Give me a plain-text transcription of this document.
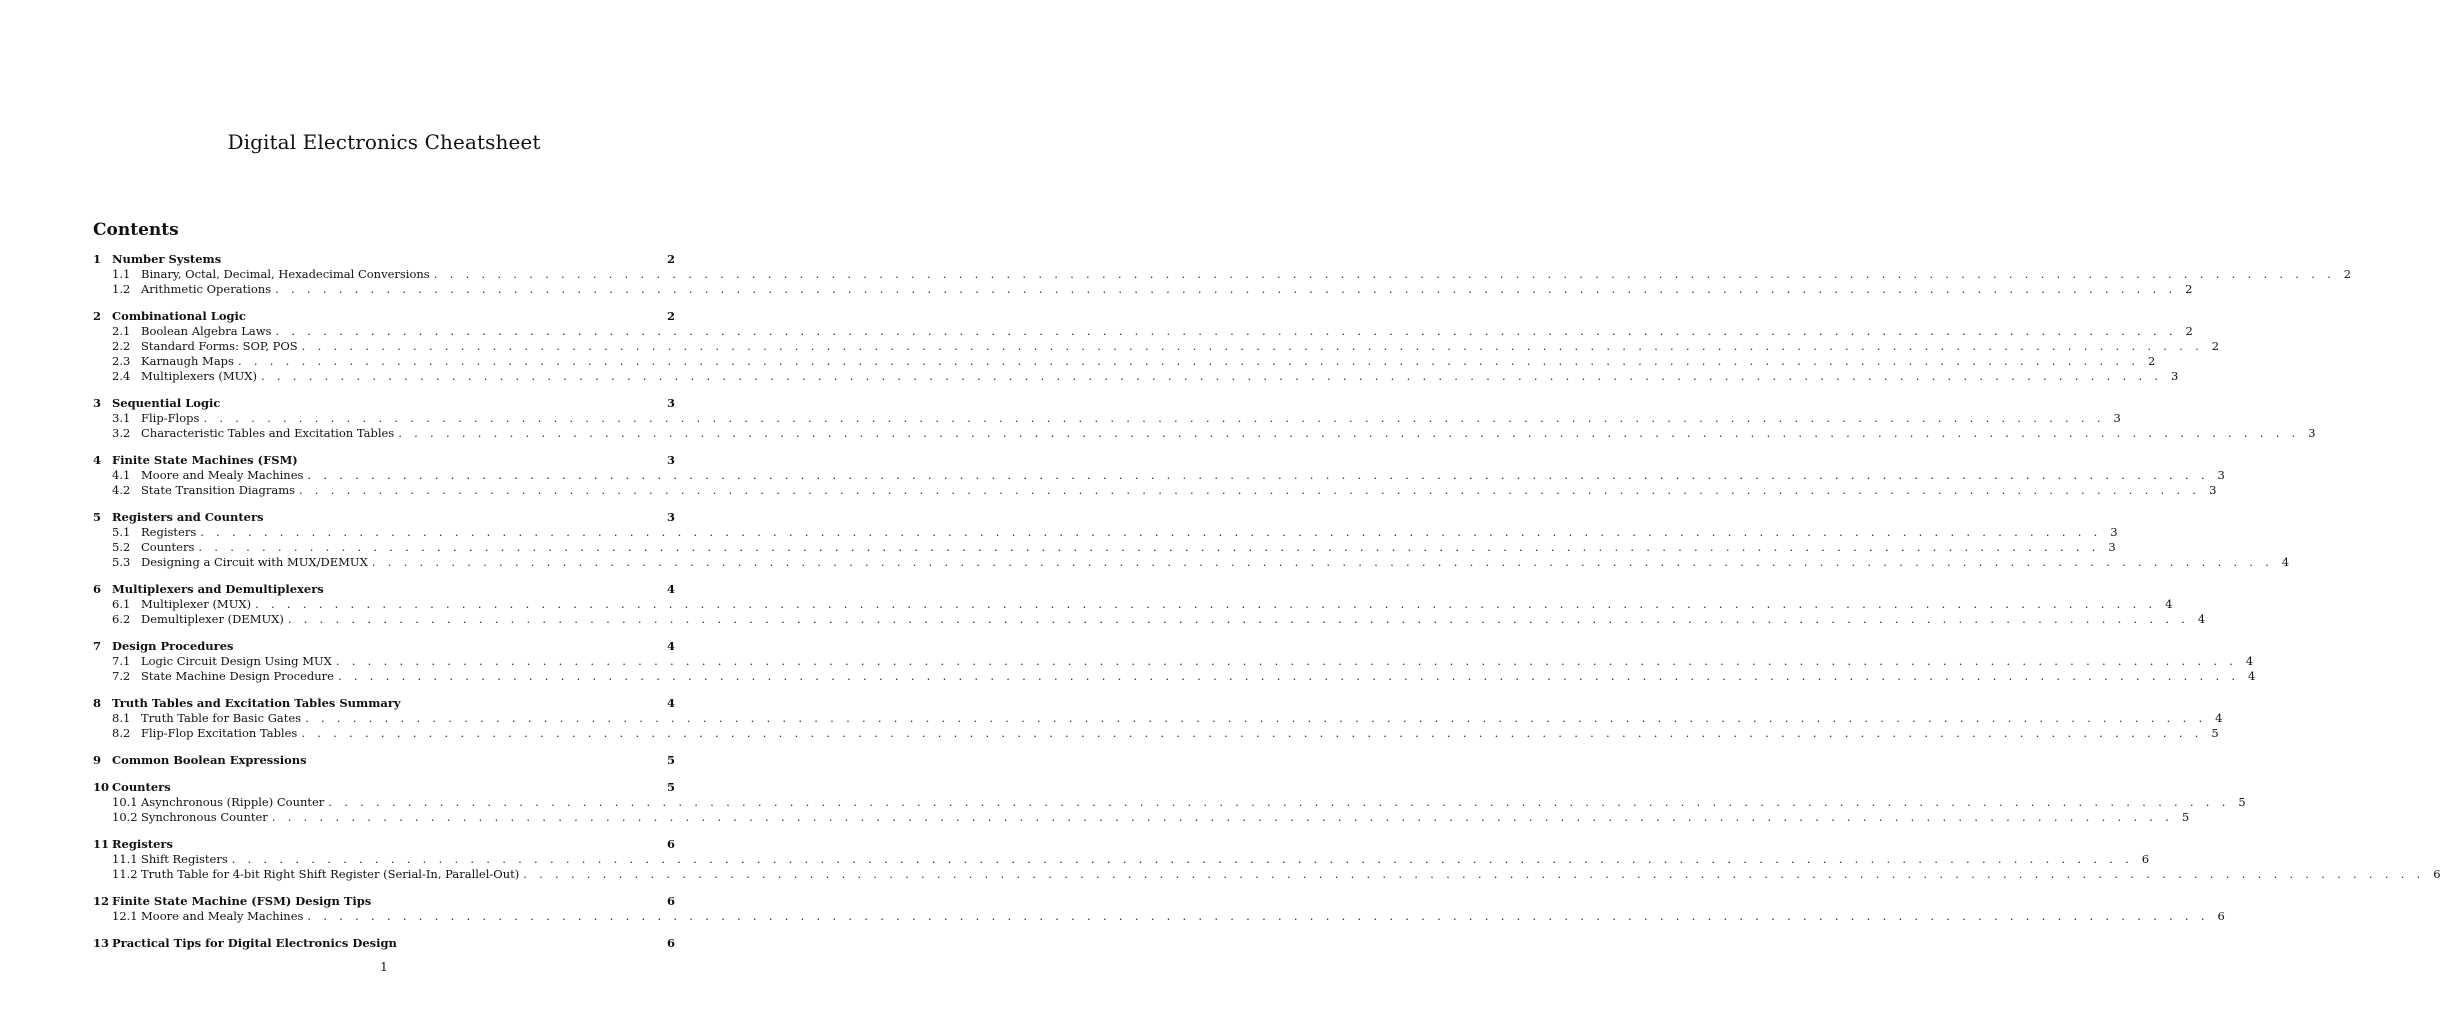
Digital Electronics Cheatsheet
Contents
1 Number Systems	2
1.1 Binary, Octal, Decimal, Hexadecimal Conversions . . . . . . . . . . . . . . . . . . . . . . . . . . . . . . . . . . . . . . . . . . . . . . . . . . . . . . . . . . . . . . . . . . . . . . . . . . . . . . . . . . . . . . . . . . . . . . . . . . . . . . . . . . . . . . . . . . . . . . . . 2
1.2 Arithmetic Operations . . . . . . . . . . . . . . . . . . . . . . . . . . . . . . . . . . . . . . . . . . . . . . . . . . . . . . . . . . . . . . . . . . . . . . . . . . . . . . . . . . . . . . . . . . . . . . . . . . . . . . . . . . . . . . . . . . . . . . . . 2
2 Combinational Logic	2
2.1 Boolean Algebra Laws . . . . . . . . . . . . . . . . . . . . . . . . . . . . . . . . . . . . . . . . . . . . . . . . . . . . . . . . . . . . . . . . . . . . . . . . . . . . . . . . . . . . . . . . . . . . . . . . . . . . . . . . . . . . . . . . . . . . . . . . 2
2.2 Standard Forms: SOP, POS . . . . . . . . . . . . . . . . . . . . . . . . . . . . . . . . . . . . . . . . . . . . . . . . . . . . . . . . . . . . . . . . . . . . . . . . . . . . . . . . . . . . . . . . . . . . . . . . . . . . . . . . . . . . . . . . . . . . . . . . 2
2.3 Karnaugh Maps . . . . . . . . . . . . . . . . . . . . . . . . . . . . . . . . . . . . . . . . . . . . . . . . . . . . . . . . . . . . . . . . . . . . . . . . . . . . . . . . . . . . . . . . . . . . . . . . . . . . . . . . . . . . . . . . . . . . . . . . 2
2.4 Multiplexers (MUX) . . . . . . . . . . . . . . . . . . . . . . . . . . . . . . . . . . . . . . . . . . . . . . . . . . . . . . . . . . . . . . . . . . . . . . . . . . . . . . . . . . . . . . . . . . . . . . . . . . . . . . . . . . . . . . . . . . . . . . . . 3
3 Sequential Logic	3
3.1 Flip-Flops . . . . . . . . . . . . . . . . . . . . . . . . . . . . . . . . . . . . . . . . . . . . . . . . . . . . . . . . . . . . . . . . . . . . . . . . . . . . . . . . . . . . . . . . . . . . . . . . . . . . . . . . . . . . . . . . . . . . . . . . 3
3.2 Characteristic Tables and Excitation Tables . . . . . . . . . . . . . . . . . . . . . . . . . . . . . . . . . . . . . . . . . . . . . . . . . . . . . . . . . . . . . . . . . . . . . . . . . . . . . . . . . . . . . . . . . . . . . . . . . . . . . . . . . . . . . . . . . . . . . . . . 3
4 Finite State Machines (FSM)	3
4.1 Moore and Mealy Machines . . . . . . . . . . . . . . . . . . . . . . . . . . . . . . . . . . . . . . . . . . . . . . . . . . . . . . . . . . . . . . . . . . . . . . . . . . . . . . . . . . . . . . . . . . . . . . . . . . . . . . . . . . . . . . . . . . . . . . . . 3
4.2 State Transition Diagrams . . . . . . . . . . . . . . . . . . . . . . . . . . . . . . . . . . . . . . . . . . . . . . . . . . . . . . . . . . . . . . . . . . . . . . . . . . . . . . . . . . . . . . . . . . . . . . . . . . . . . . . . . . . . . . . . . . . . . . . . 3
5 Registers and Counters	3
5.1 Registers . . . . . . . . . . . . . . . . . . . . . . . . . . . . . . . . . . . . . . . . . . . . . . . . . . . . . . . . . . . . . . . . . . . . . . . . . . . . . . . . . . . . . . . . . . . . . . . . . . . . . . . . . . . . . . . . . . . . . . . . 3
5.2 Counters . . . . . . . . . . . . . . . . . . . . . . . . . . . . . . . . . . . . . . . . . . . . . . . . . . . . . . . . . . . . . . . . . . . . . . . . . . . . . . . . . . . . . . . . . . . . . . . . . . . . . . . . . . . . . . . . . . . . . . . . 3
5.3 Designing a Circuit with MUX/DEMUX . . . . . . . . . . . . . . . . . . . . . . . . . . . . . . . . . . . . . . . . . . . . . . . . . . . . . . . . . . . . . . . . . . . . . . . . . . . . . . . . . . . . . . . . . . . . . . . . . . . . . . . . . . . . . . . . . . . . . . . . 4
6 Multiplexers and Demultiplexers	4
6.1 Multiplexer (MUX) . . . . . . . . . . . . . . . . . . . . . . . . . . . . . . . . . . . . . . . . . . . . . . . . . . . . . . . . . . . . . . . . . . . . . . . . . . . . . . . . . . . . . . . . . . . . . . . . . . . . . . . . . . . . . . . . . . . . . . . . 4
6.2 Demultiplexer (DEMUX) . . . . . . . . . . . . . . . . . . . . . . . . . . . . . . . . . . . . . . . . . . . . . . . . . . . . . . . . . . . . . . . . . . . . . . . . . . . . . . . . . . . . . . . . . . . . . . . . . . . . . . . . . . . . . . . . . . . . . . . . 4
7 Design Procedures	4
7.1 Logic Circuit Design Using MUX . . . . . . . . . . . . . . . . . . . . . . . . . . . . . . . . . . . . . . . . . . . . . . . . . . . . . . . . . . . . . . . . . . . . . . . . . . . . . . . . . . . . . . . . . . . . . . . . . . . . . . . . . . . . . . . . . . . . . . . . 4
7.2 State Machine Design Procedure . . . . . . . . . . . . . . . . . . . . . . . . . . . . . . . . . . . . . . . . . . . . . . . . . . . . . . . . . . . . . . . . . . . . . . . . . . . . . . . . . . . . . . . . . . . . . . . . . . . . . . . . . . . . . . . . . . . . . . . . 4
8 Truth Tables and Excitation Tables Summary	4
8.1 Truth Table for Basic Gates . . . . . . . . . . . . . . . . . . . . . . . . . . . . . . . . . . . . . . . . . . . . . . . . . . . . . . . . . . . . . . . . . . . . . . . . . . . . . . . . . . . . . . . . . . . . . . . . . . . . . . . . . . . . . . . . . . . . . . . . 4
8.2 Flip-Flop Excitation Tables . . . . . . . . . . . . . . . . . . . . . . . . . . . . . . . . . . . . . . . . . . . . . . . . . . . . . . . . . . . . . . . . . . . . . . . . . . . . . . . . . . . . . . . . . . . . . . . . . . . . . . . . . . . . . . . . . . . . . . . . 5
9 Common Boolean Expressions	5
10 Counters	5
10.1 Asynchronous (Ripple) Counter . . . . . . . . . . . . . . . . . . . . . . . . . . . . . . . . . . . . . . . . . . . . . . . . . . . . . . . . . . . . . . . . . . . . . . . . . . . . . . . . . . . . . . . . . . . . . . . . . . . . . . . . . . . . . . . . . . . . . . . . 5
10.2 Synchronous Counter . . . . . . . . . . . . . . . . . . . . . . . . . . . . . . . . . . . . . . . . . . . . . . . . . . . . . . . . . . . . . . . . . . . . . . . . . . . . . . . . . . . . . . . . . . . . . . . . . . . . . . . . . . . . . . . . . . . . . . . . 5
11 Registers	6
11.1 Shift Registers . . . . . . . . . . . . . . . . . . . . . . . . . . . . . . . . . . . . . . . . . . . . . . . . . . . . . . . . . . . . . . . . . . . . . . . . . . . . . . . . . . . . . . . . . . . . . . . . . . . . . . . . . . . . . . . . . . . . . . . . 6
11.2 Truth Table for 4-bit Right Shift Register (Serial-In, Parallel-Out) . . . . . . . . . . . . . . . . . . . . . . . . . . . . . . . . . . . . . . . . . . . . . . . . . . . . . . . . . . . . . . . . . . . . . . . . . . . . . . . . . . . . . . . . . . . . . . . . . . . . . . . . . . . . . . . . . . . . . . . . 6
12 Finite State Machine (FSM) Design Tips	6
12.1 Moore and Mealy Machines . . . . . . . . . . . . . . . . . . . . . . . . . . . . . . . . . . . . . . . . . . . . . . . . . . . . . . . . . . . . . . . . . . . . . . . . . . . . . . . . . . . . . . . . . . . . . . . . . . . . . . . . . . . . . . . . . . . . . . . . 6
13 Practical Tips for Digital Electronics Design	6
1
